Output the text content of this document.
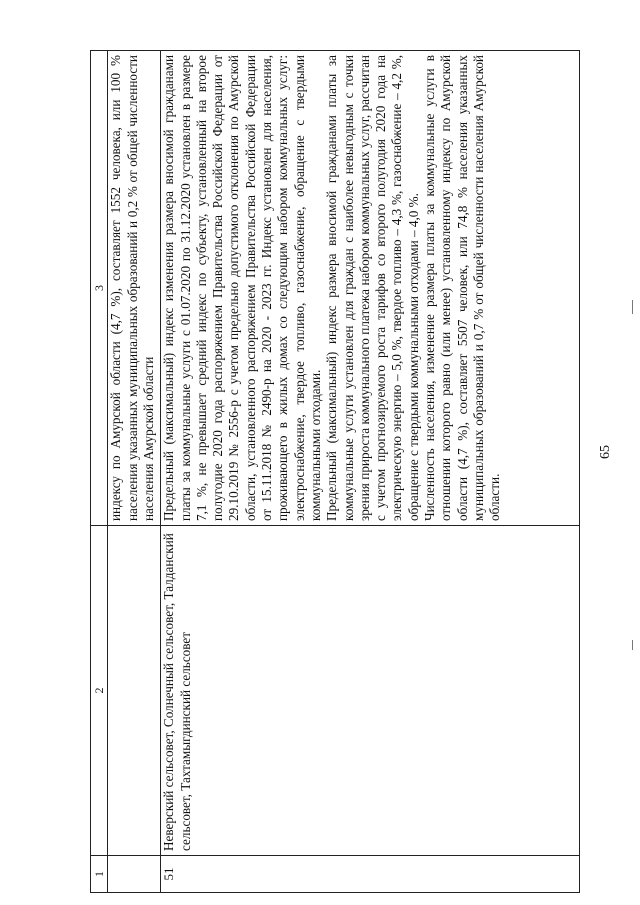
65
1	2	3
		индексу по Амурской области (4,7 %), составляет 1552 человека, или 100 % населения указанных муниципальных образований и 0,2 % от общей численности населения Амурской области
51	Неверский сельсовет, Солнечный сельсовет, Талданский сельсовет, Тахтамыгдинский сельсовет	Предельный (максимальный) индекс изменения размера вносимой гражданами платы за коммунальные услуги с 01.07.2020 по 31.12.2020 установлен в размере 7,1 %, не превышает средний индекс по субъекту, установленный на второе полугодие 2020 года распоряжением Правительства Российской Федерации от 29.10.2019 № 2556-р с учетом предельно допустимого отклонения по Амурской области, установленного распоряжением Правительства Российской Федерации от 15.11.2018 № 2490-р на 2020 - 2023 гг. Индекс установлен для населения, проживающего в жилых домах со следующим набором коммунальных услуг: электроснабжение, твердое топливо, газоснабжение, обращение с твердыми коммунальными отходами. Предельный (максимальный) индекс размера вносимой гражданами платы за коммунальные услуги установлен для граждан с наиболее невыгодным с точки зрения прироста коммунального платежа набором коммунальных услуг, рассчитан с учетом прогнозируемого роста тарифов со второго полугодия 2020 года на электрическую энергию – 5,0 %, твердое топливо – 4,3 %, газоснабжение – 4,2 %, обращение с твердыми коммунальными отходами – 4,0 %. Численность населения, изменение размера платы за коммунальные услуги в отношении которого равно (или менее) установленному индексу по Амурской области (4,7 %), составляет 5507 человек, или 74,8 % населения указанных муниципальных образований и 0,7 % от общей численности населения Амурской области.
